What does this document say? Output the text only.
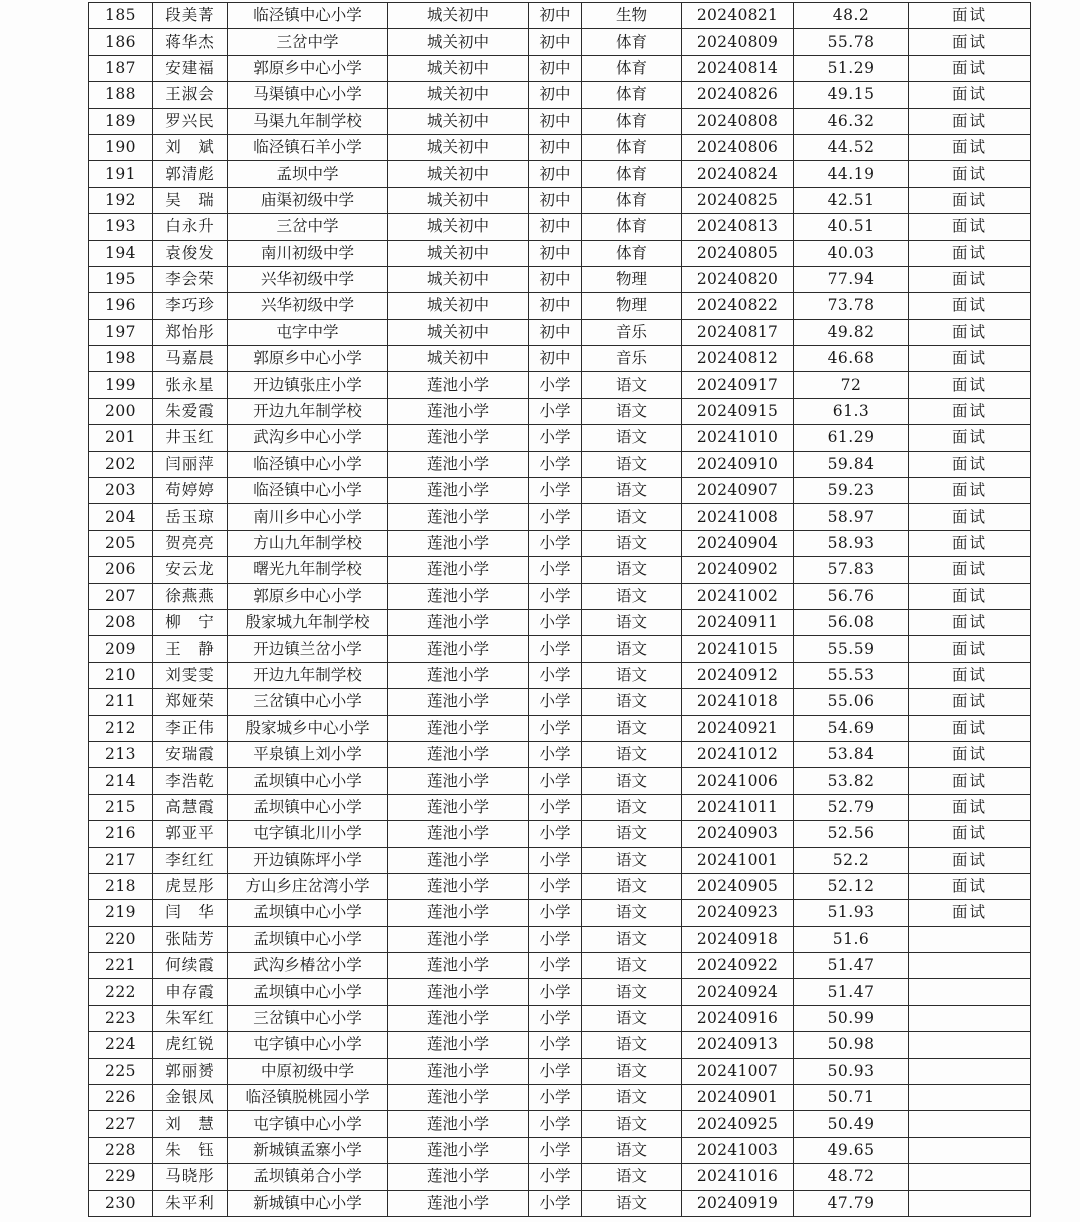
185	段美菁	临泾镇中心小学	城关初中	初中	生物	20240821	48.2	面试
186	蒋华杰	三岔中学	城关初中	初中	体育	20240809	55.78	面试
187	安建福	郭原乡中心小学	城关初中	初中	体育	20240814	51.29	面试
188	王淑会	马渠镇中心小学	城关初中	初中	体育	20240826	49.15	面试
189	罗兴民	马渠九年制学校	城关初中	初中	体育	20240808	46.32	面试
190	刘　斌	临泾镇石羊小学	城关初中	初中	体育	20240806	44.52	面试
191	郭清彪	孟坝中学	城关初中	初中	体育	20240824	44.19	面试
192	吴　瑞	庙渠初级中学	城关初中	初中	体育	20240825	42.51	面试
193	白永升	三岔中学	城关初中	初中	体育	20240813	40.51	面试
194	袁俊发	南川初级中学	城关初中	初中	体育	20240805	40.03	面试
195	李会荣	兴华初级中学	城关初中	初中	物理	20240820	77.94	面试
196	李巧珍	兴华初级中学	城关初中	初中	物理	20240822	73.78	面试
197	郑怡彤	屯字中学	城关初中	初中	音乐	20240817	49.82	面试
198	马嘉晨	郭原乡中心小学	城关初中	初中	音乐	20240812	46.68	面试
199	张永星	开边镇张庄小学	莲池小学	小学	语文	20240917	72	面试
200	朱爱霞	开边九年制学校	莲池小学	小学	语文	20240915	61.3	面试
201	井玉红	武沟乡中心小学	莲池小学	小学	语文	20241010	61.29	面试
202	闫丽萍	临泾镇中心小学	莲池小学	小学	语文	20240910	59.84	面试
203	苟婷婷	临泾镇中心小学	莲池小学	小学	语文	20240907	59.23	面试
204	岳玉琼	南川乡中心小学	莲池小学	小学	语文	20241008	58.97	面试
205	贺亮亮	方山九年制学校	莲池小学	小学	语文	20240904	58.93	面试
206	安云龙	曙光九年制学校	莲池小学	小学	语文	20240902	57.83	面试
207	徐燕燕	郭原乡中心小学	莲池小学	小学	语文	20241002	56.76	面试
208	柳　宁	殷家城九年制学校	莲池小学	小学	语文	20240911	56.08	面试
209	王　静	开边镇兰岔小学	莲池小学	小学	语文	20241015	55.59	面试
210	刘雯雯	开边九年制学校	莲池小学	小学	语文	20240912	55.53	面试
211	郑娅荣	三岔镇中心小学	莲池小学	小学	语文	20241018	55.06	面试
212	李正伟	殷家城乡中心小学	莲池小学	小学	语文	20240921	54.69	面试
213	安瑞霞	平泉镇上刘小学	莲池小学	小学	语文	20241012	53.84	面试
214	李浩乾	孟坝镇中心小学	莲池小学	小学	语文	20241006	53.82	面试
215	高慧霞	孟坝镇中心小学	莲池小学	小学	语文	20241011	52.79	面试
216	郭亚平	屯字镇北川小学	莲池小学	小学	语文	20240903	52.56	面试
217	李红红	开边镇陈坪小学	莲池小学	小学	语文	20241001	52.2	面试
218	虎昱彤	方山乡庄岔湾小学	莲池小学	小学	语文	20240905	52.12	面试
219	闫　华	孟坝镇中心小学	莲池小学	小学	语文	20240923	51.93	面试
220	张陆芳	孟坝镇中心小学	莲池小学	小学	语文	20240918	51.6	
221	何续霞	武沟乡椿岔小学	莲池小学	小学	语文	20240922	51.47	
222	申存霞	孟坝镇中心小学	莲池小学	小学	语文	20240924	51.47	
223	朱军红	三岔镇中心小学	莲池小学	小学	语文	20240916	50.99	
224	虎红锐	屯字镇中心小学	莲池小学	小学	语文	20240913	50.98	
225	郭丽赟	中原初级中学	莲池小学	小学	语文	20241007	50.93	
226	金银凤	临泾镇脱桃园小学	莲池小学	小学	语文	20240901	50.71	
227	刘　慧	屯字镇中心小学	莲池小学	小学	语文	20240925	50.49	
228	朱　钰	新城镇孟寨小学	莲池小学	小学	语文	20241003	49.65	
229	马晓彤	孟坝镇弟合小学	莲池小学	小学	语文	20241016	48.72	
230	朱平利	新城镇中心小学	莲池小学	小学	语文	20240919	47.79	
